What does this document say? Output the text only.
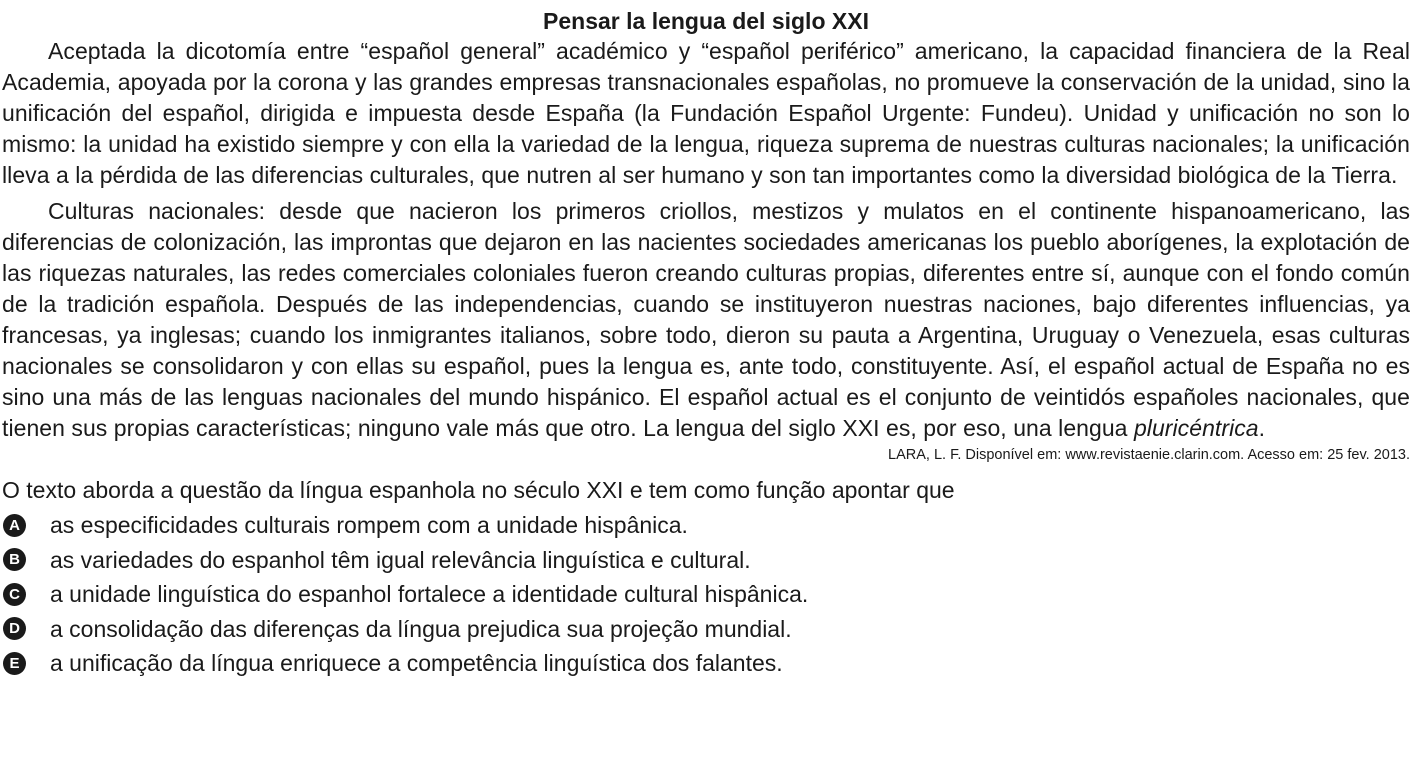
Pensar la lengua del siglo XXI

Aceptada la dicotomía entre “español general” académico y “español periférico” americano, la capacidad financiera de la Real Academia, apoyada por la corona y las grandes empresas transnacionales españolas, no promueve la conservación de la unidad, sino la unificación del español, dirigida e impuesta desde España (la Fundación Español Urgente: Fundeu). Unidad y unificación no son lo mismo: la unidad ha existido siempre y con ella la variedad de la lengua, riqueza suprema de nuestras culturas nacionales; la unificación lleva a la pérdida de las diferencias culturales, que nutren al ser humano y son tan importantes como la diversidad biológica de la Tierra.

Culturas nacionales: desde que nacieron los primeros criollos, mestizos y mulatos en el continente hispanoamericano, las diferencias de colonización, las improntas que dejaron en las nacientes sociedades americanas los pueblo aborígenes, la explotación de las riquezas naturales, las redes comerciales coloniales fueron creando culturas propias, diferentes entre sí, aunque con el fondo común de la tradición española. Después de las independencias, cuando se instituyeron nuestras naciones, bajo diferentes influencias, ya francesas, ya inglesas; cuando los inmigrantes italianos, sobre todo, dieron su pauta a Argentina, Uruguay o Venezuela, esas culturas nacionales se consolidaron y con ellas su español, pues la lengua es, ante todo, constituyente. Así, el español actual de España no es sino una más de las lenguas nacionales del mundo hispánico. El español actual es el conjunto de veintidós españoles nacionales, que tienen sus propias características; ninguno vale más que otro. La lengua del siglo XXI es, por eso, una lengua pluricéntrica.

LARA, L. F. Disponível em: www.revistaenie.clarin.com. Acesso em: 25 fev. 2013.
O texto aborda a questão da língua espanhola no século XXI e tem como função apontar que
A as especificidades culturais rompem com a unidade hispânica.
B as variedades do espanhol têm igual relevância linguística e cultural.
C a unidade linguística do espanhol fortalece a identidade cultural hispânica.
D a consolidação das diferenças da língua prejudica sua projeção mundial.
E a unificação da língua enriquece a competência linguística dos falantes.
